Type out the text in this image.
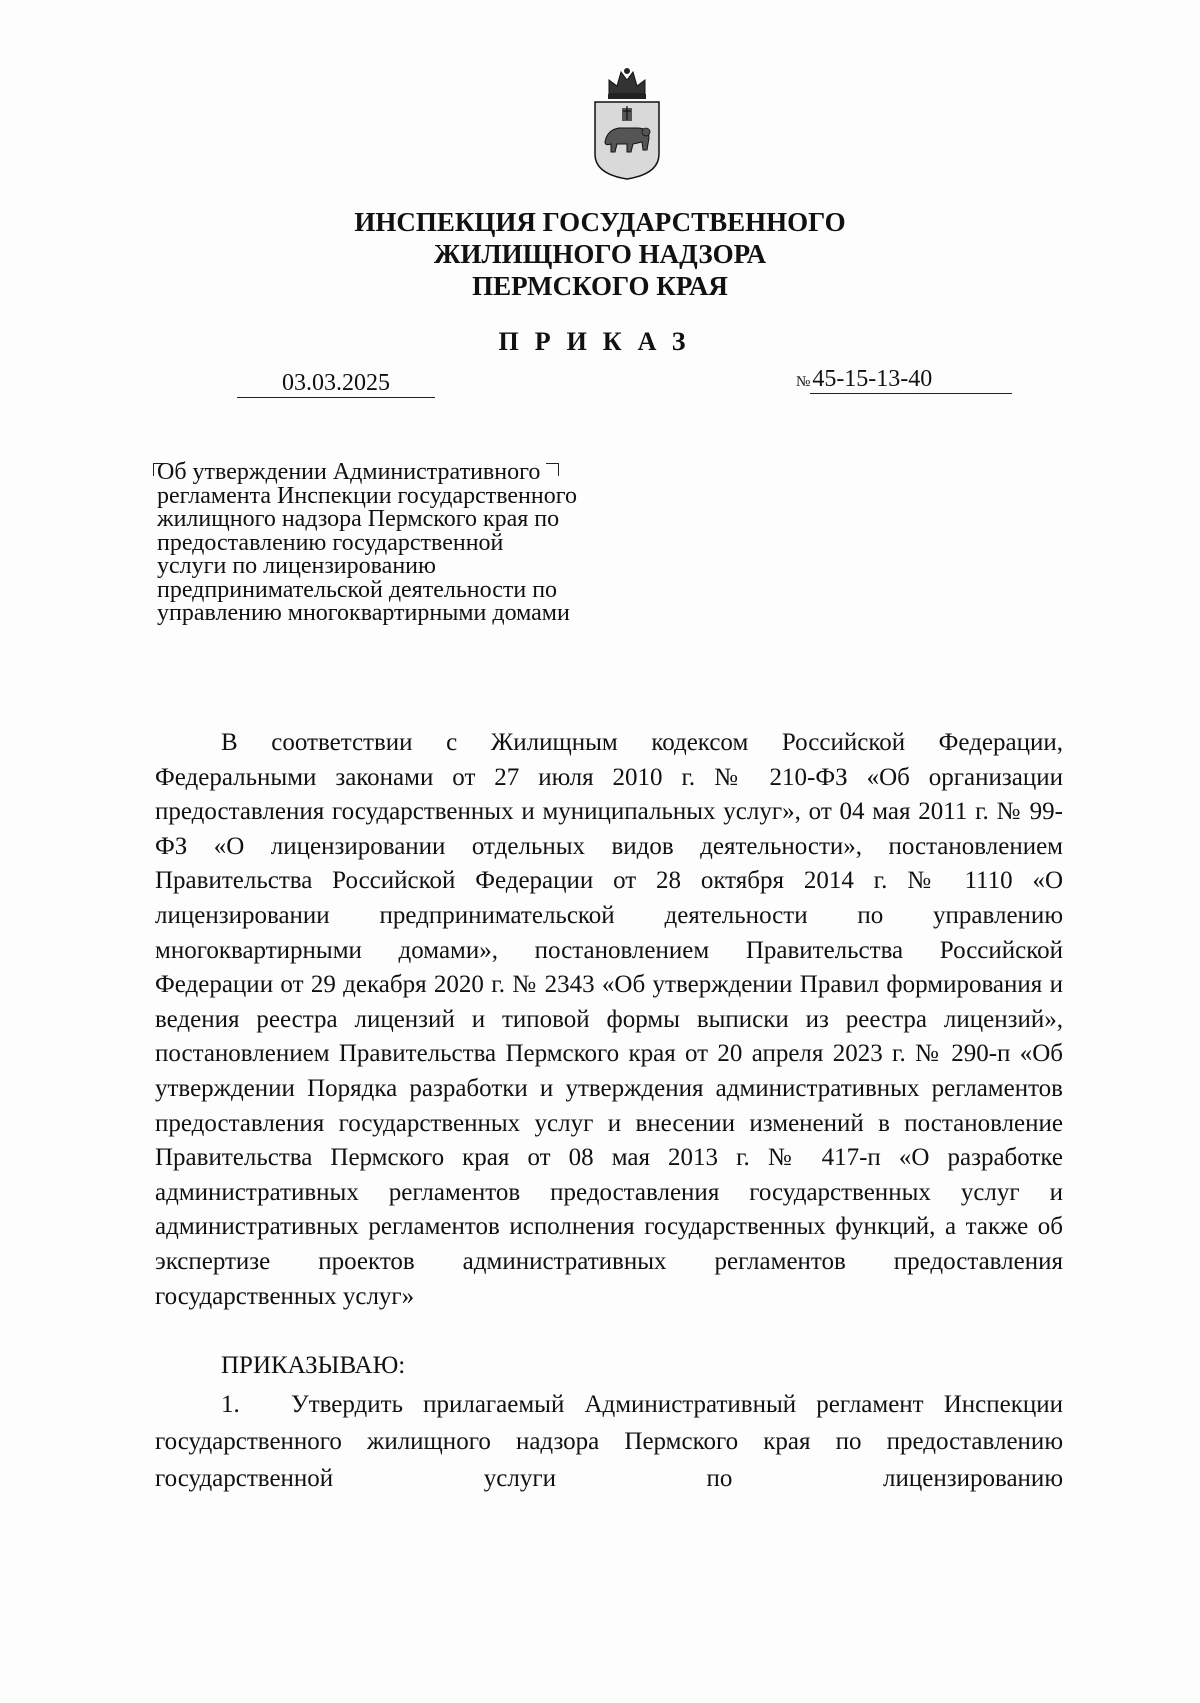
ИНСПЕКЦИЯ ГОСУДАРСТВЕННОГО
ЖИЛИЩНОГО НАДЗОРА
ПЕРМСКОГО КРАЯ
ПРИКАЗ
03.03.2025	№45-15-13-40
Об утверждении Административного регламента Инспекции государственного жилищного надзора Пермского края по предоставлению государственной услуги по лицензированию предпринимательской деятельности по управлению многоквартирными домами
В соответствии с Жилищным кодексом Российской Федерации, Федеральными законами от 27 июля 2010 г. № 210-ФЗ «Об организации предоставления государственных и муниципальных услуг», от 04 мая 2011 г. № 99-ФЗ «О лицензировании отдельных видов деятельности», постановлением Правительства Российской Федерации от 28 октября 2014 г. № 1110 «О лицензировании предпринимательской деятельности по управлению многоквартирными домами», постановлением Правительства Российской Федерации от 29 декабря 2020 г. № 2343 «Об утверждении Правил формирования и ведения реестра лицензий и типовой формы выписки из реестра лицензий», постановлением Правительства Пермского края от 20 апреля 2023 г. № 290-п «Об утверждении Порядка разработки и утверждения административных регламентов предоставления государственных услуг и внесении изменений в постановление Правительства Пермского края от 08 мая 2013 г. № 417-п «О разработке административных регламентов предоставления государственных услуг и административных регламентов исполнения государственных функций, а также об экспертизе проектов административных регламентов предоставления государственных услуг»
ПРИКАЗЫВАЮ:
1. Утвердить прилагаемый Административный регламент Инспекции государственного жилищного надзора Пермского края по предоставлению государственной услуги по лицензированию
